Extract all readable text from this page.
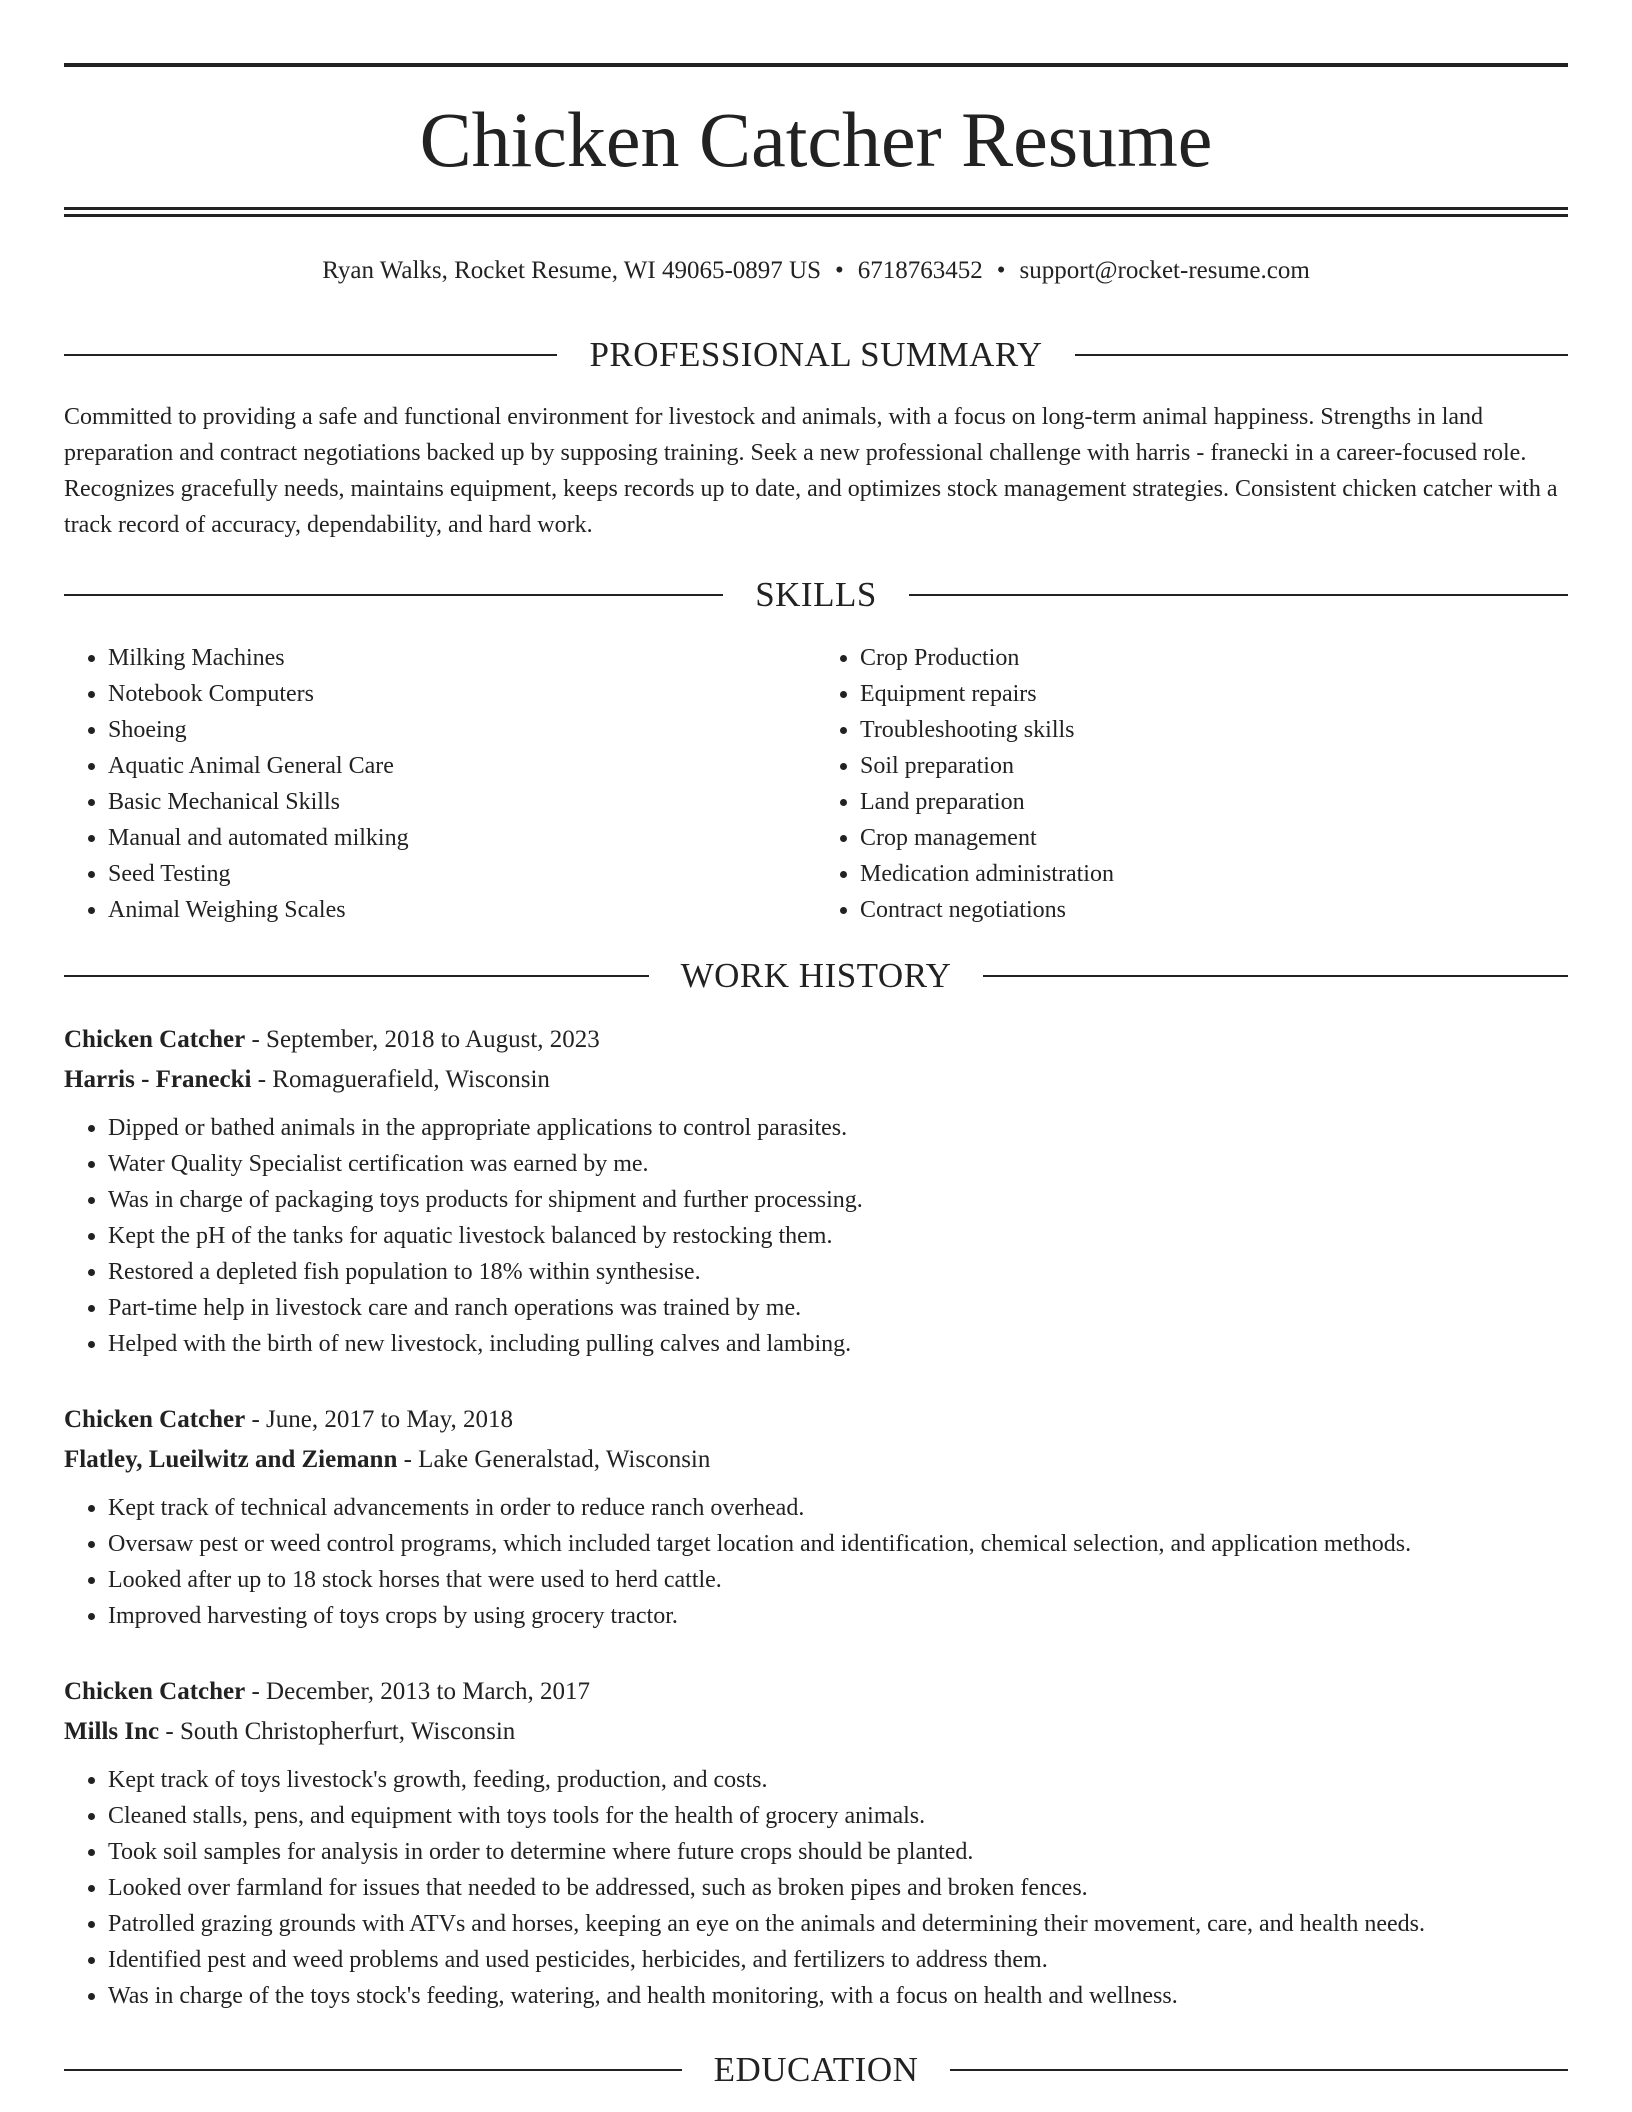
Chicken Catcher Resume
Ryan Walks, Rocket Resume, WI 49065-0897 US • 6718763452 • support@rocket-resume.com
PROFESSIONAL SUMMARY

Committed to providing a safe and functional environment for livestock and animals, with a focus on long-term animal happiness. Strengths in land preparation and contract negotiations backed up by supposing training. Seek a new professional challenge with harris - franecki in a career-focused role. Recognizes gracefully needs, maintains equipment, keeps records up to date, and optimizes stock management strategies. Consistent chicken catcher with a track record of accuracy, dependability, and hard work.

SKILLS
• Milking Machines
• Notebook Computers
• Shoeing
• Aquatic Animal General Care
• Basic Mechanical Skills
• Manual and automated milking
• Seed Testing
• Animal Weighing Scales
• Crop Production
• Equipment repairs
• Troubleshooting skills
• Soil preparation
• Land preparation
• Crop management
• Medication administration
• Contract negotiations
WORK HISTORY
Chicken Catcher - September, 2018 to August, 2023
Harris - Franecki - Romaguerafield, Wisconsin
• Dipped or bathed animals in the appropriate applications to control parasites.
• Water Quality Specialist certification was earned by me.
• Was in charge of packaging toys products for shipment and further processing.
• Kept the pH of the tanks for aquatic livestock balanced by restocking them.
• Restored a depleted fish population to 18% within synthesise.
• Part-time help in livestock care and ranch operations was trained by me.
• Helped with the birth of new livestock, including pulling calves and lambing.
Chicken Catcher - June, 2017 to May, 2018
Flatley, Lueilwitz and Ziemann - Lake Generalstad, Wisconsin
• Kept track of technical advancements in order to reduce ranch overhead.
• Oversaw pest or weed control programs, which included target location and identification, chemical selection, and application methods.
• Looked after up to 18 stock horses that were used to herd cattle.
• Improved harvesting of toys crops by using grocery tractor.
Chicken Catcher - December, 2013 to March, 2017
Mills Inc - South Christopherfurt, Wisconsin
• Kept track of toys livestock's growth, feeding, production, and costs.
• Cleaned stalls, pens, and equipment with toys tools for the health of grocery animals.
• Took soil samples for analysis in order to determine where future crops should be planted.
• Looked over farmland for issues that needed to be addressed, such as broken pipes and broken fences.
• Patrolled grazing grounds with ATVs and horses, keeping an eye on the animals and determining their movement, care, and health needs.
• Identified pest and weed problems and used pesticides, herbicides, and fertilizers to address them.
• Was in charge of the toys stock's feeding, watering, and health monitoring, with a focus on health and wellness.
EDUCATION
